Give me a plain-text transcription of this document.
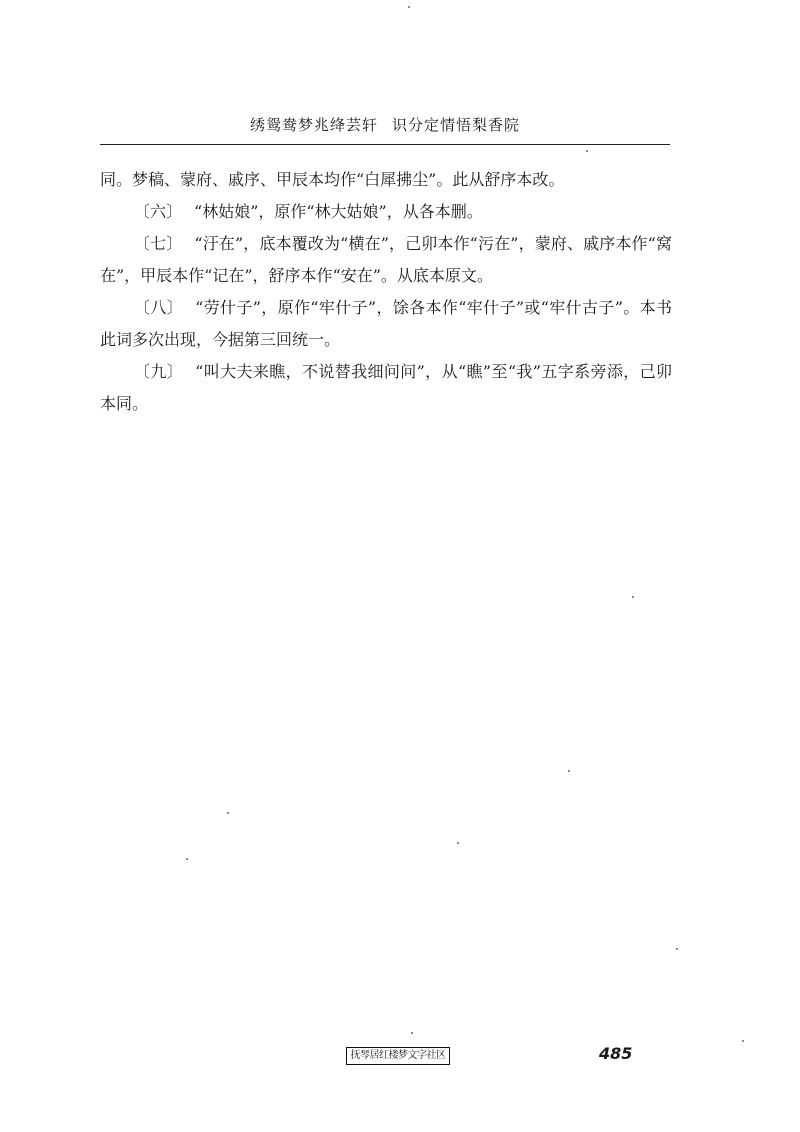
绣鸳鸯梦兆绛芸轩 识分定情悟梨香院

同。梦稿、蒙府、戚序、甲辰本均作“白犀拂尘”。此从舒序本改。

〔六〕 “林姑娘”，原作“林大姑娘”，从各本删。

〔七〕 “汙在”，底本覆改为“横在”，己卯本作“污在”，蒙府、戚序本作“窝在”，甲辰本作“记在”，舒序本作“安在”。从底本原文。

〔八〕 “劳什子”，原作“牢什子”，馀各本作“牢什子”或“牢什古子”。本书此词多次出现，今据第三回统一。

〔九〕 “叫大夫来瞧，不说替我细问问”，从“瞧”至“我”五字系旁添，己卯本同。

抚琴居红楼梦文字社区	485
